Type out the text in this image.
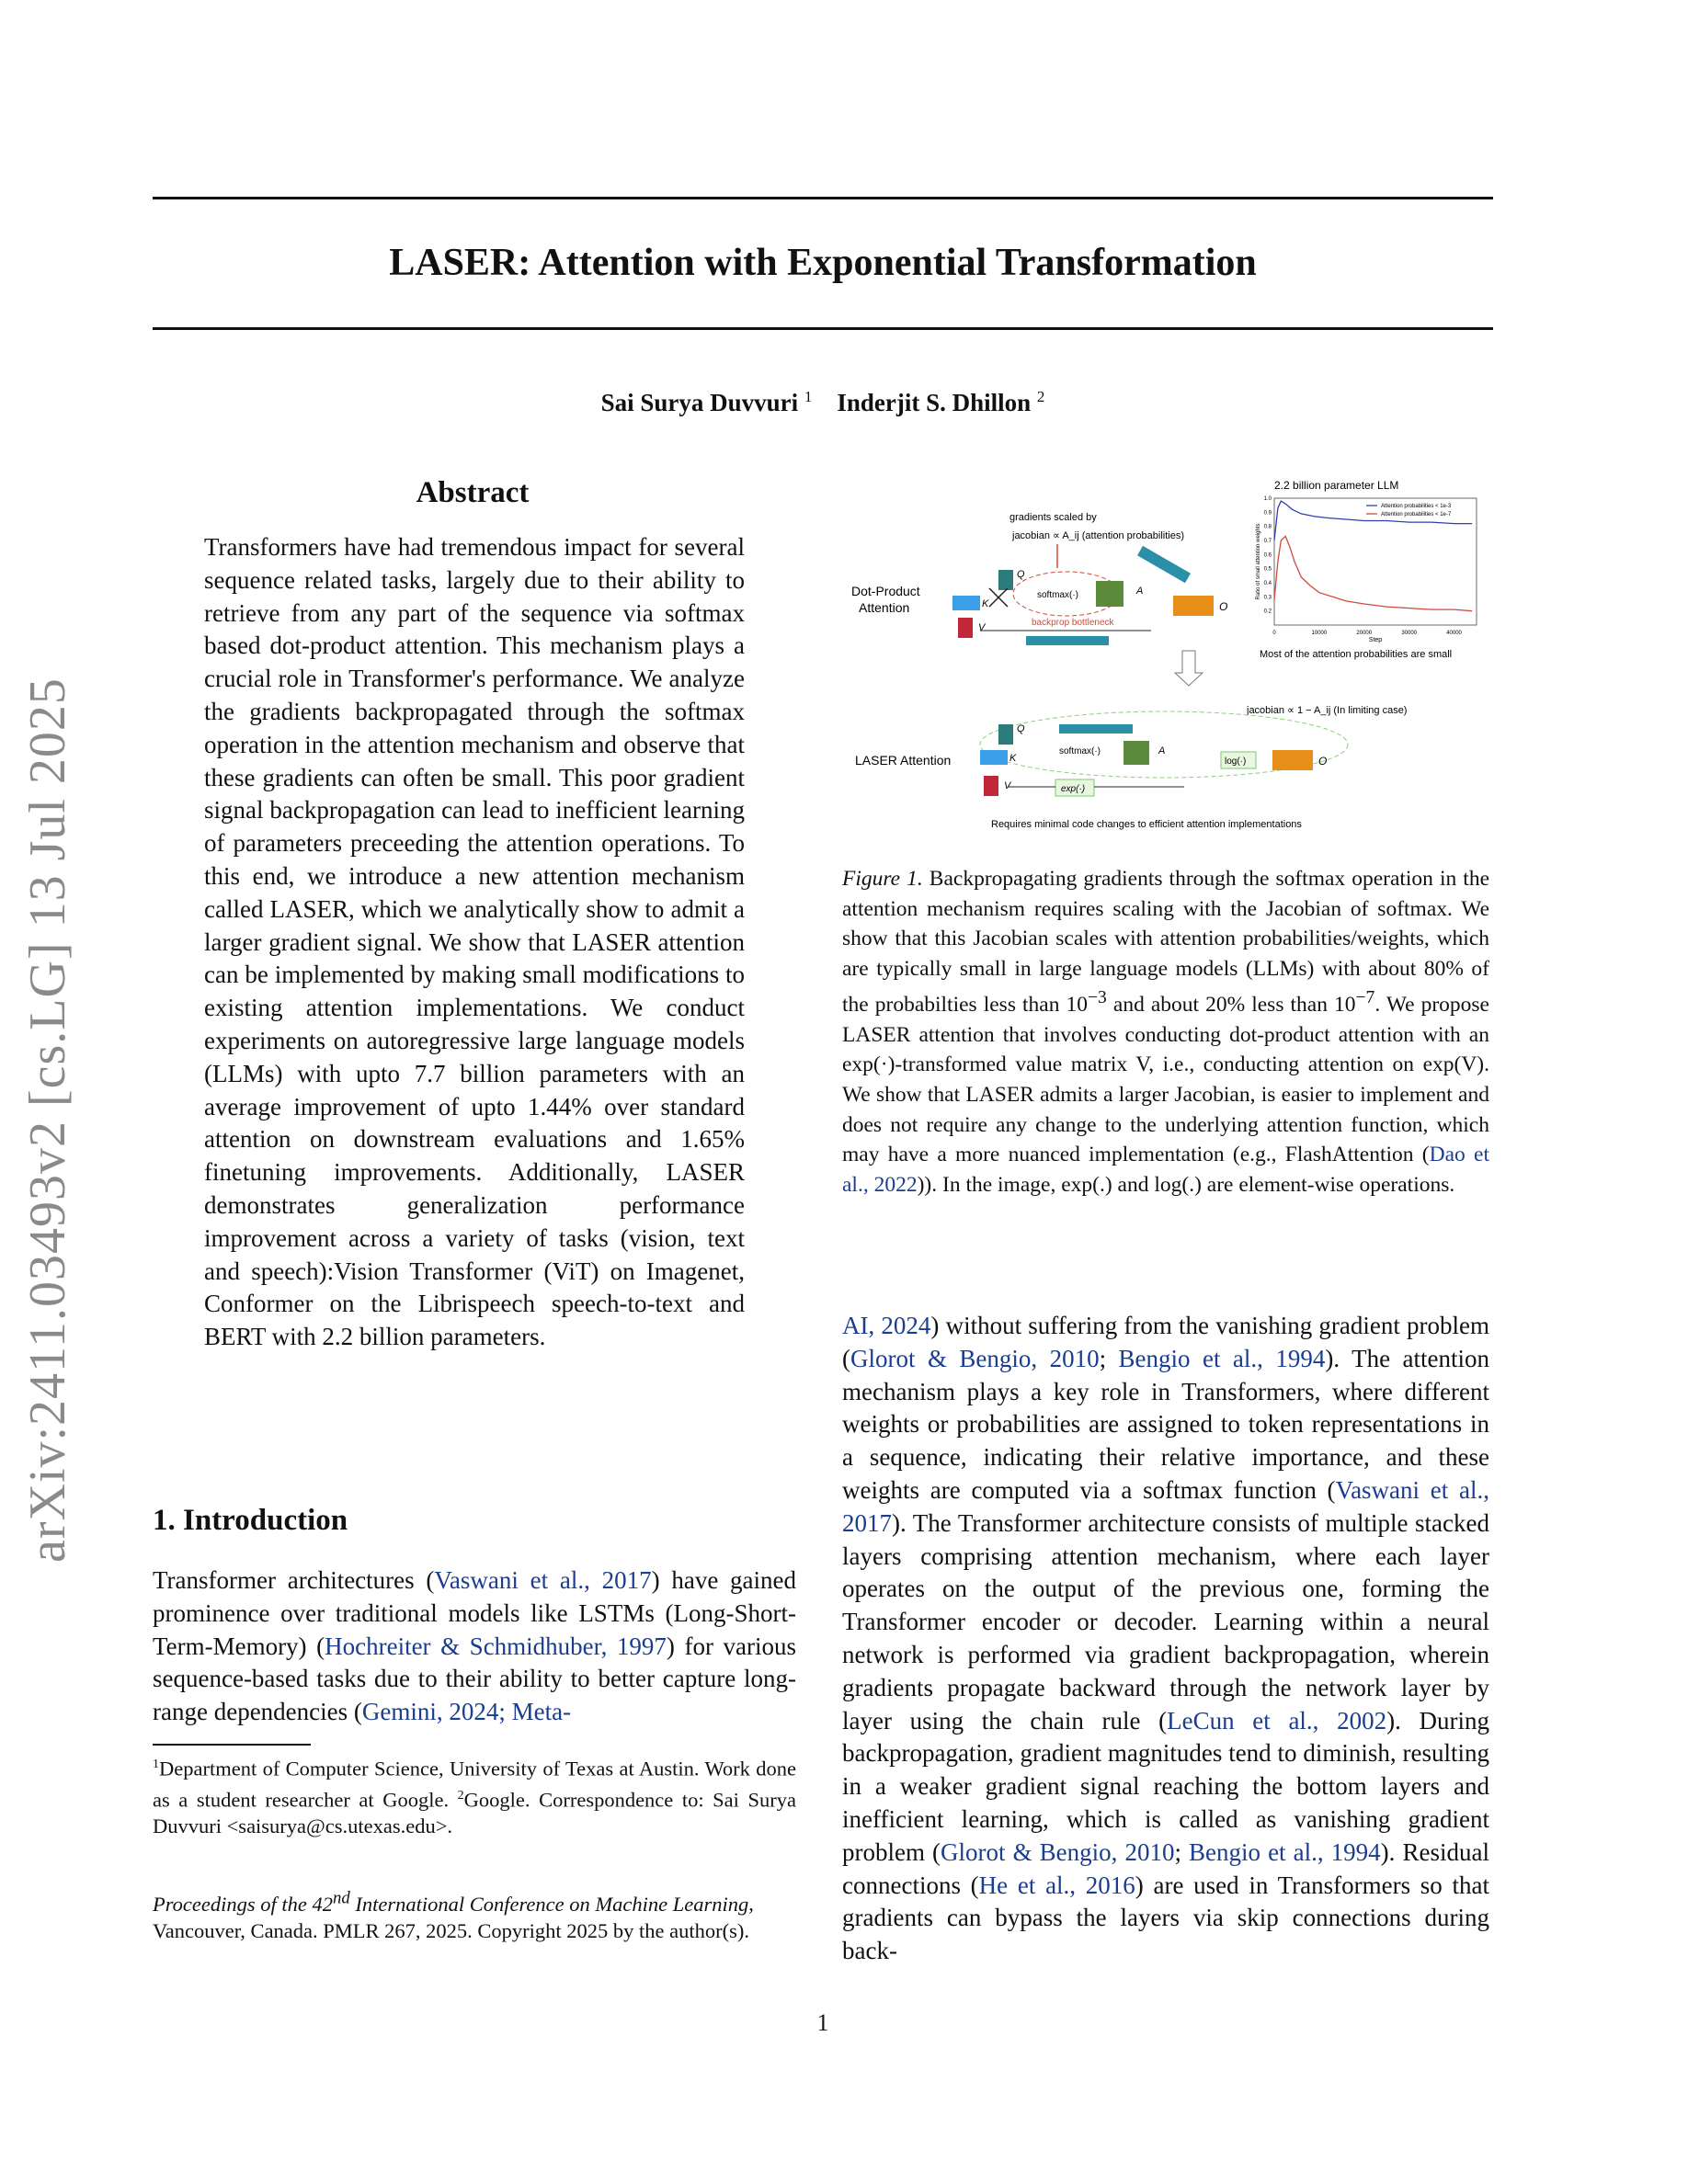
LASER: Attention with Exponential Transformation
Sai Surya Duvvuri $^1$ Inderjit S. Dhillon $^2$
arXiv:2411.03493v2 [cs.LG] 13 Jul 2025
Abstract
Transformers have had tremendous impact for several sequence related tasks, largely due to their ability to retrieve from any part of the sequence via softmax based dot-product attention. This mechanism plays a crucial role in Transformer's performance. We analyze the gradients backpropagated through the softmax operation in the attention mechanism and observe that these gradients can often be small. This poor gradient signal backpropagation can lead to inefficient learning of parameters preceeding the attention operations. To this end, we introduce a new attention mechanism called LASER, which we analytically show to admit a larger gradient signal. We show that LASER attention can be implemented by making small modifications to existing attention implementations. We conduct experiments on autoregressive large language models (LLMs) with upto 7.7 billion parameters with an average improvement of upto 1.44% over standard attention on downstream evaluations and 1.65% finetuning improvements. Additionally, LASER demonstrates generalization performance improvement across a variety of tasks (vision, text and speech):Vision Transformer (ViT) on Imagenet, Conformer on the Librispeech speech-to-text and BERT with 2.2 billion parameters.
1. Introduction
Transformer architectures (Vaswani et al., 2017) have gained prominence over traditional models like LSTMs (Long-Short-Term-Memory) (Hochreiter & Schmidhuber, 1997) for various sequence-based tasks due to their ability to better capture long-range dependencies (Gemini, 2024; Meta-
$^1$Department of Computer Science, University of Texas at Austin. Work done as a student researcher at Google. $^2$Google. Correspondence to: Sai Surya Duvvuri <saisurya@cs.utexas.edu>.
Proceedings of the 42nd International Conference on Machine Learning, Vancouver, Canada. PMLR 267, 2025. Copyright 2025 by the author(s).
Dot-Product
Attention
gradients scaled by
jacobian ∝ A_ij (attention probabilities)
Q
K
V
softmax(·)
backprop bottleneck
A
O
2.2 billion parameter LLM
0	10000	20000	30000	40000
0.2
0.3
0.4
0.5
0.6
0.7
0.8
0.9
1.0
Step
Ratio of small attention weights
Attention probabilities < 1e-3
Attention probabilities < 1e-7
Most of the attention probabilities are small
LASER Attention
jacobian ∝ 1 − A_ij (In limiting case)
Q
K
V
softmax(·)	A
exp(·)
log(·)	O
Requires minimal code changes to efficient attention implementations
Figure 1. Backpropagating gradients through the softmax operation in the attention mechanism requires scaling with the Jacobian of softmax. We show that this Jacobian scales with attention probabilities/weights, which are typically small in large language models (LLMs) with about 80% of the probabilties less than $10^{-3}$ and about 20% less than $10^{-7}$. We propose LASER attention that involves conducting dot-product attention with an exp(·)-transformed value matrix V, i.e., conducting attention on exp(V). We show that LASER admits a larger Jacobian, is easier to implement and does not require any change to the underlying attention function, which may have a more nuanced implementation (e.g., FlashAttention (Dao et al., 2022)). In the image, exp(.) and log(.) are element-wise operations.
AI, 2024) without suffering from the vanishing gradient problem (Glorot & Bengio, 2010; Bengio et al., 1994). The attention mechanism plays a key role in Transformers, where different weights or probabilities are assigned to token representations in a sequence, indicating their relative importance, and these weights are computed via a softmax function (Vaswani et al., 2017). The Transformer architecture consists of multiple stacked layers comprising attention mechanism, where each layer operates on the output of the previous one, forming the Transformer encoder or decoder. Learning within a neural network is performed via gradient backpropagation, wherein gradients propagate backward through the network layer by layer using the chain rule (LeCun et al., 2002). During backpropagation, gradient magnitudes tend to diminish, resulting in a weaker gradient signal reaching the bottom layers and inefficient learning, which is called as vanishing gradient problem (Glorot & Bengio, 2010; Bengio et al., 1994). Residual connections (He et al., 2016) are used in Transformers so that gradients can bypass the layers via skip connections during back-
1
